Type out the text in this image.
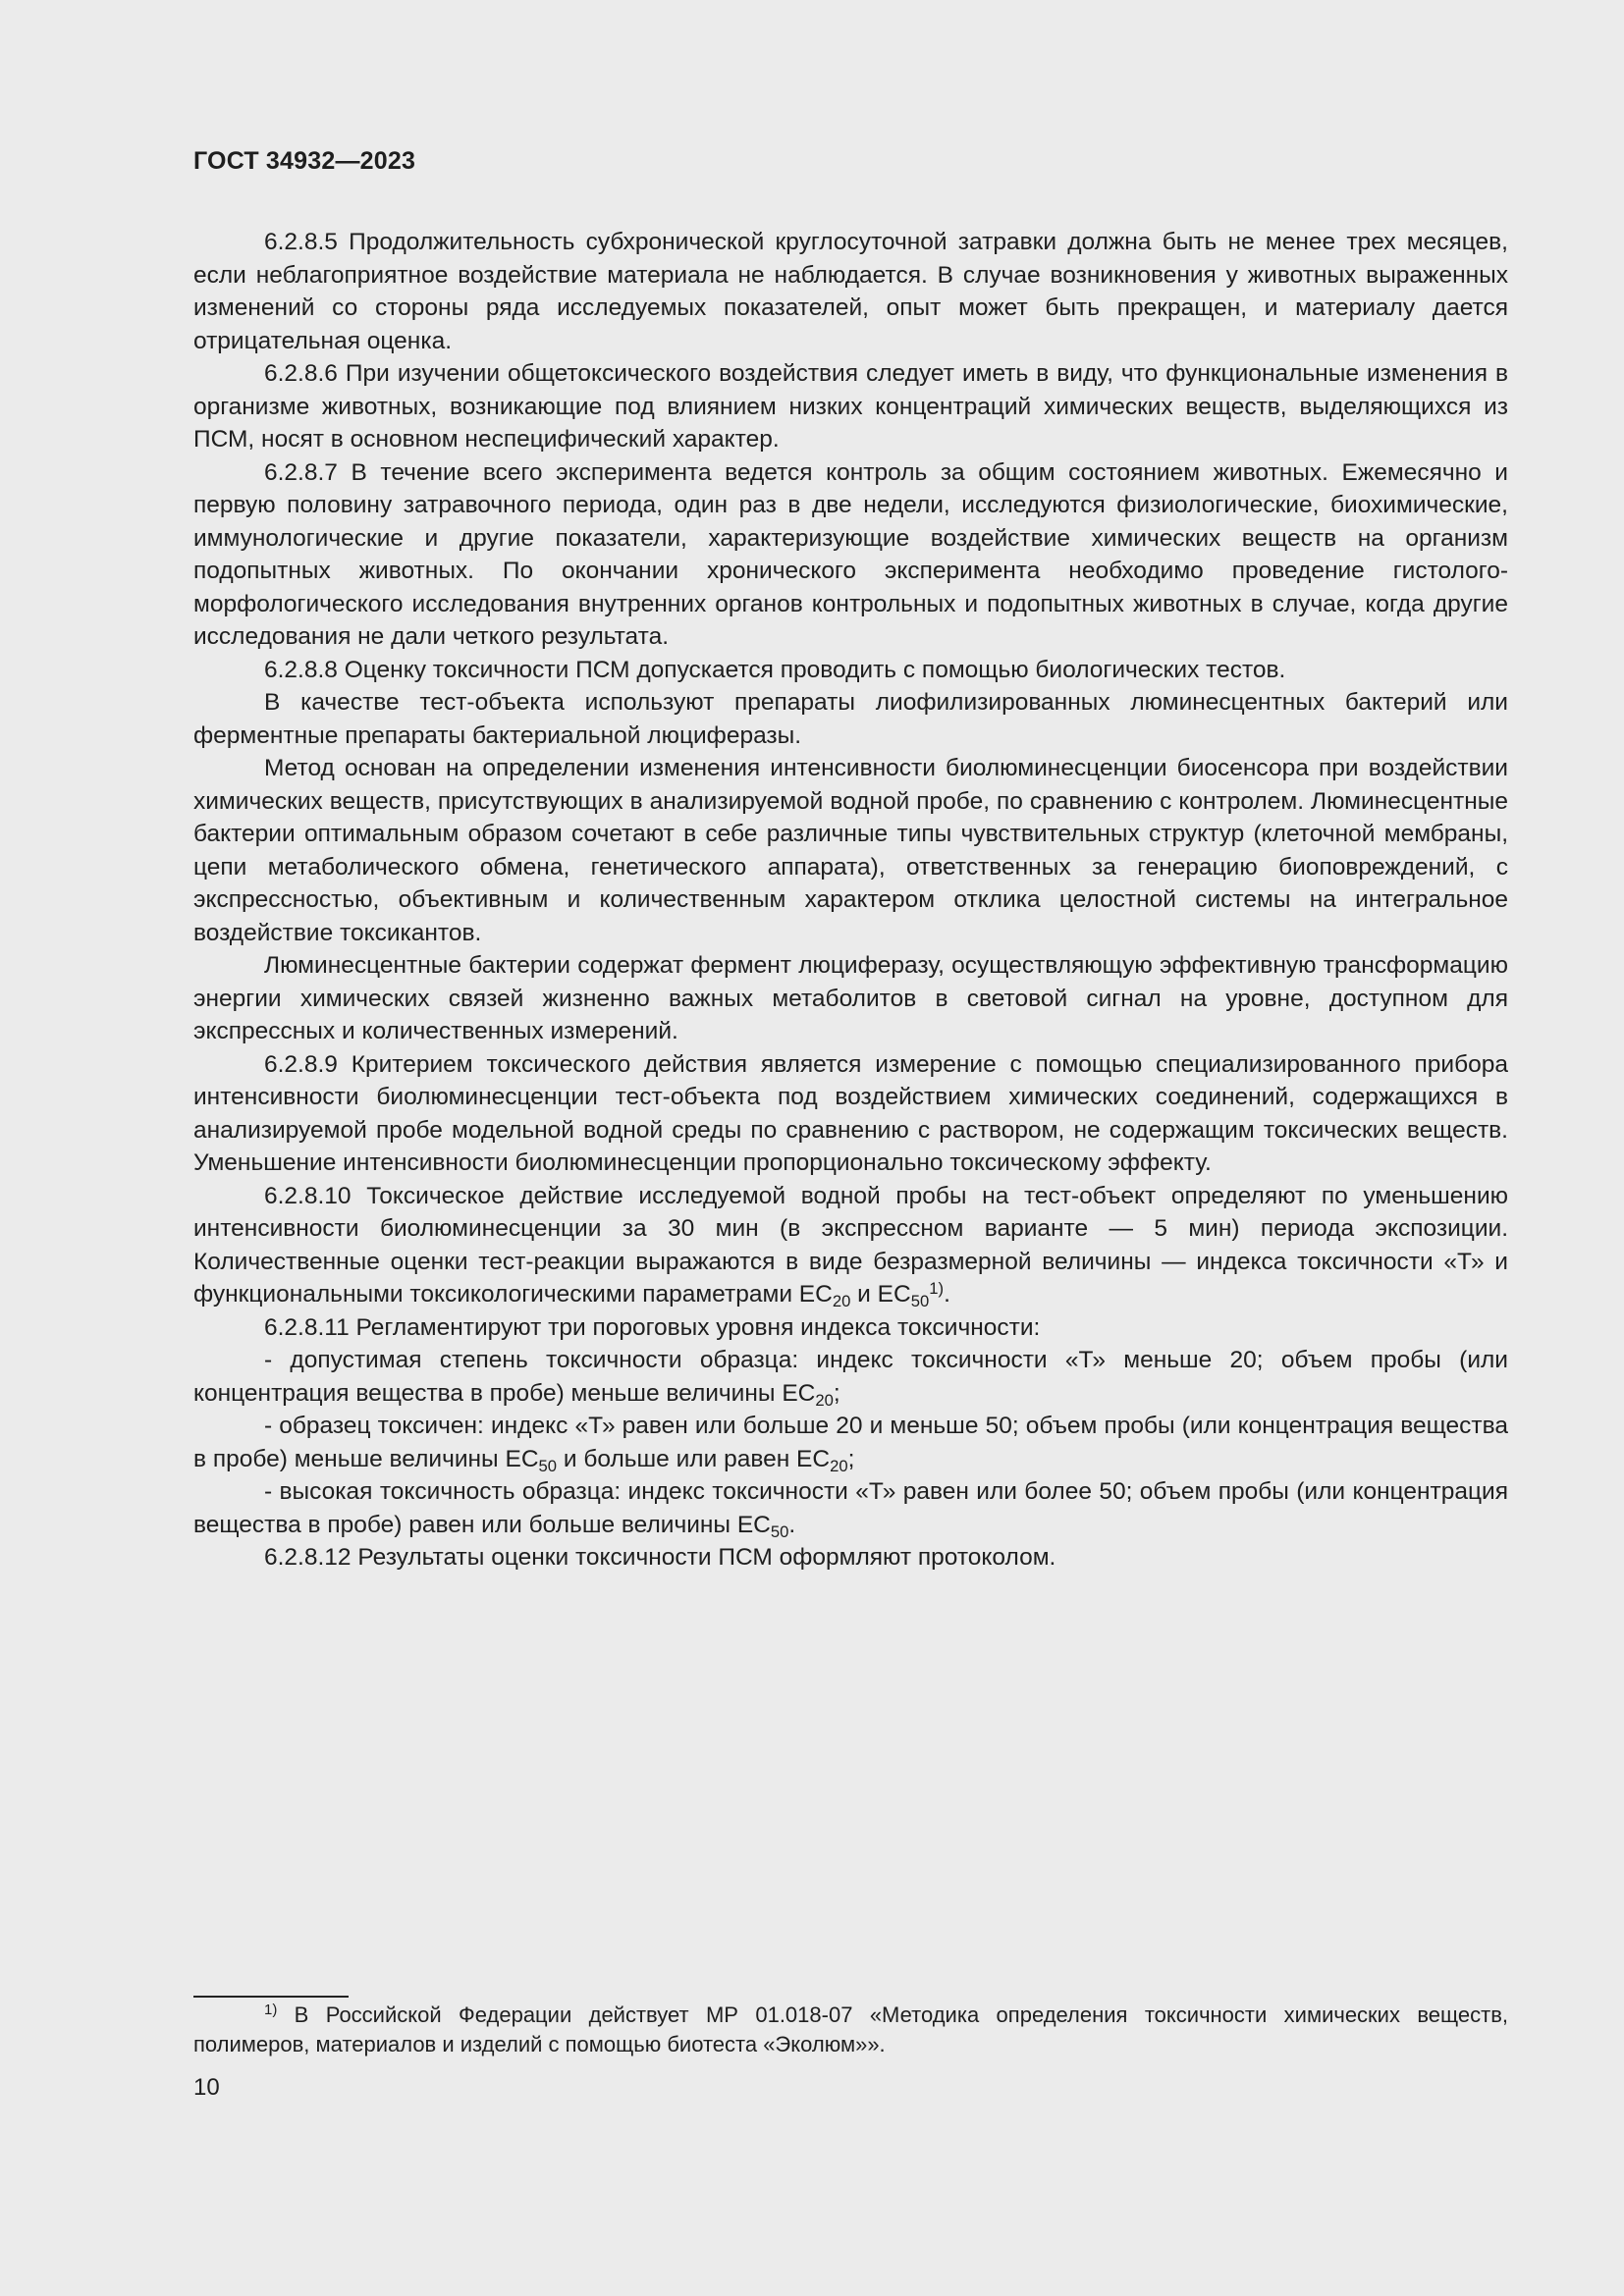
ГОСТ 34932—2023

6.2.8.5 Продолжительность субхронической круглосуточной затравки должна быть не менее трех месяцев, если неблагоприятное воздействие материала не наблюдается. В случае возникновения у животных выраженных изменений со стороны ряда исследуемых показателей, опыт может быть прекращен, и материалу дается отрицательная оценка.

6.2.8.6 При изучении общетоксического воздействия следует иметь в виду, что функциональные изменения в организме животных, возникающие под влиянием низких концентраций химических веществ, выделяющихся из ПСМ, носят в основном неспецифический характер.

6.2.8.7 В течение всего эксперимента ведется контроль за общим состоянием животных. Ежемесячно и первую половину затравочного периода, один раз в две недели, исследуются физиологические, биохимические, иммунологические и другие показатели, характеризующие воздействие химических веществ на организм подопытных животных. По окончании хронического эксперимента необходимо проведение гистолого-морфологического исследования внутренних органов контрольных и подопытных животных в случае, когда другие исследования не дали четкого результата.

6.2.8.8 Оценку токсичности ПСМ допускается проводить с помощью биологических тестов.

В качестве тест-объекта используют препараты лиофилизированных люминесцентных бактерий или ферментные препараты бактериальной люциферазы.

Метод основан на определении изменения интенсивности биолюминесценции биосенсора при воздействии химических веществ, присутствующих в анализируемой водной пробе, по сравнению с контролем. Люминесцентные бактерии оптимальным образом сочетают в себе различные типы чувствительных структур (клеточной мембраны, цепи метаболического обмена, генетического аппарата), ответственных за генерацию биоповреждений, с экспрессностью, объективным и количественным характером отклика целостной системы на интегральное воздействие токсикантов.

Люминесцентные бактерии содержат фермент люциферазу, осуществляющую эффективную трансформацию энергии химических связей жизненно важных метаболитов в световой сигнал на уровне, доступном для экспрессных и количественных измерений.

6.2.8.9 Критерием токсического действия является измерение с помощью специализированного прибора интенсивности биолюминесценции тест-объекта под воздействием химических соединений, содержащихся в анализируемой пробе модельной водной среды по сравнению с раствором, не содержащим токсических веществ. Уменьшение интенсивности биолюминесценции пропорционально токсическому эффекту.

6.2.8.10 Токсическое действие исследуемой водной пробы на тест-объект определяют по уменьшению интенсивности биолюминесценции за 30 мин (в экспрессном варианте — 5 мин) периода экспозиции. Количественные оценки тест-реакции выражаются в виде безразмерной величины — индекса токсичности «Т» и функциональными токсикологическими параметрами $EC_{20}$ и $EC_{50}^{1)}$.

6.2.8.11 Регламентируют три пороговых уровня индекса токсичности:

- допустимая степень токсичности образца: индекс токсичности «Т» меньше 20; объем пробы (или концентрация вещества в пробе) меньше величины $EC_{20}$;

- образец токсичен: индекс «Т» равен или больше 20 и меньше 50; объем пробы (или концентрация вещества в пробе) меньше величины $EC_{50}$ и больше или равен $EC_{20}$;

- высокая токсичность образца: индекс токсичности «Т» равен или более 50; объем пробы (или концентрация вещества в пробе) равен или больше величины $EC_{50}$.

6.2.8.12 Результаты оценки токсичности ПСМ оформляют протоколом.

$^{1)}$ В Российской Федерации действует МР 01.018-07 «Методика определения токсичности химических веществ, полимеров, материалов и изделий с помощью биотеста «Эколюм»».

10
